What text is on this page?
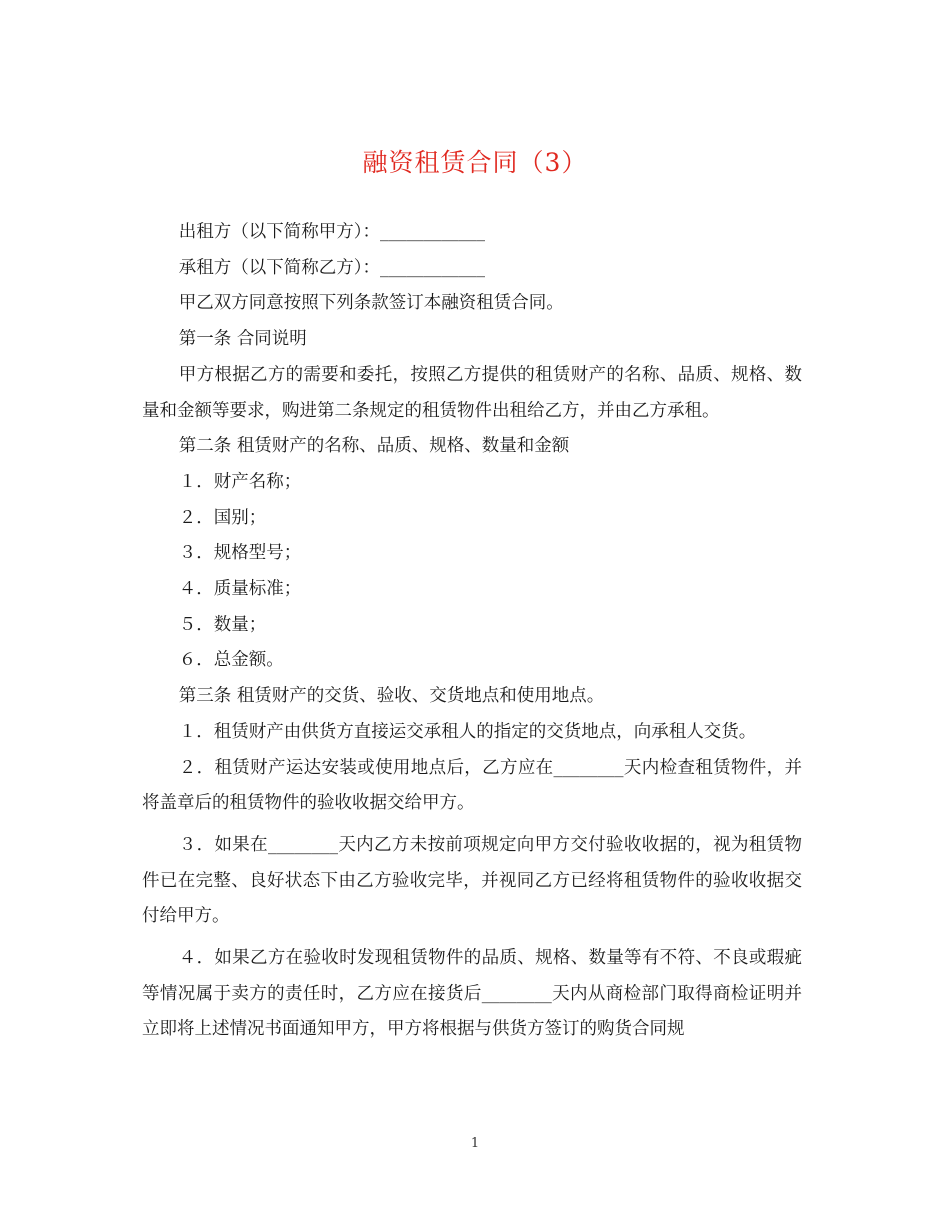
融资租赁合同（3）

出租方（以下简称甲方）：____________

承租方（以下简称乙方）：____________

甲乙双方同意按照下列条款签订本融资租赁合同。

第一条 合同说明

甲方根据乙方的需要和委托，按照乙方提供的租赁财产的名称、品质、规格、数量和金额等要求，购进第二条规定的租赁物件出租给乙方，并由乙方承租。

第二条 租赁财产的名称、品质、规格、数量和金额

１．财产名称；

２．国别；

３．规格型号；

４．质量标准；

５．数量；

６．总金额。

第三条 租赁财产的交货、验收、交货地点和使用地点。

１．租赁财产由供货方直接运交承租人的指定的交货地点，向承租人交货。

２．租赁财产运达安装或使用地点后，乙方应在________天内检查租赁物件，并将盖章后的租赁物件的验收收据交给甲方。

３．如果在________天内乙方未按前项规定向甲方交付验收收据的，视为租赁物件已在完整、良好状态下由乙方验收完毕，并视同乙方已经将租赁物件的验收收据交付给甲方。

４．如果乙方在验收时发现租赁物件的品质、规格、数量等有不符、不良或瑕疵等情况属于卖方的责任时，乙方应在接货后________天内从商检部门取得商检证明并立即将上述情况书面通知甲方，甲方将根据与供货方签订的购货合同规

1
